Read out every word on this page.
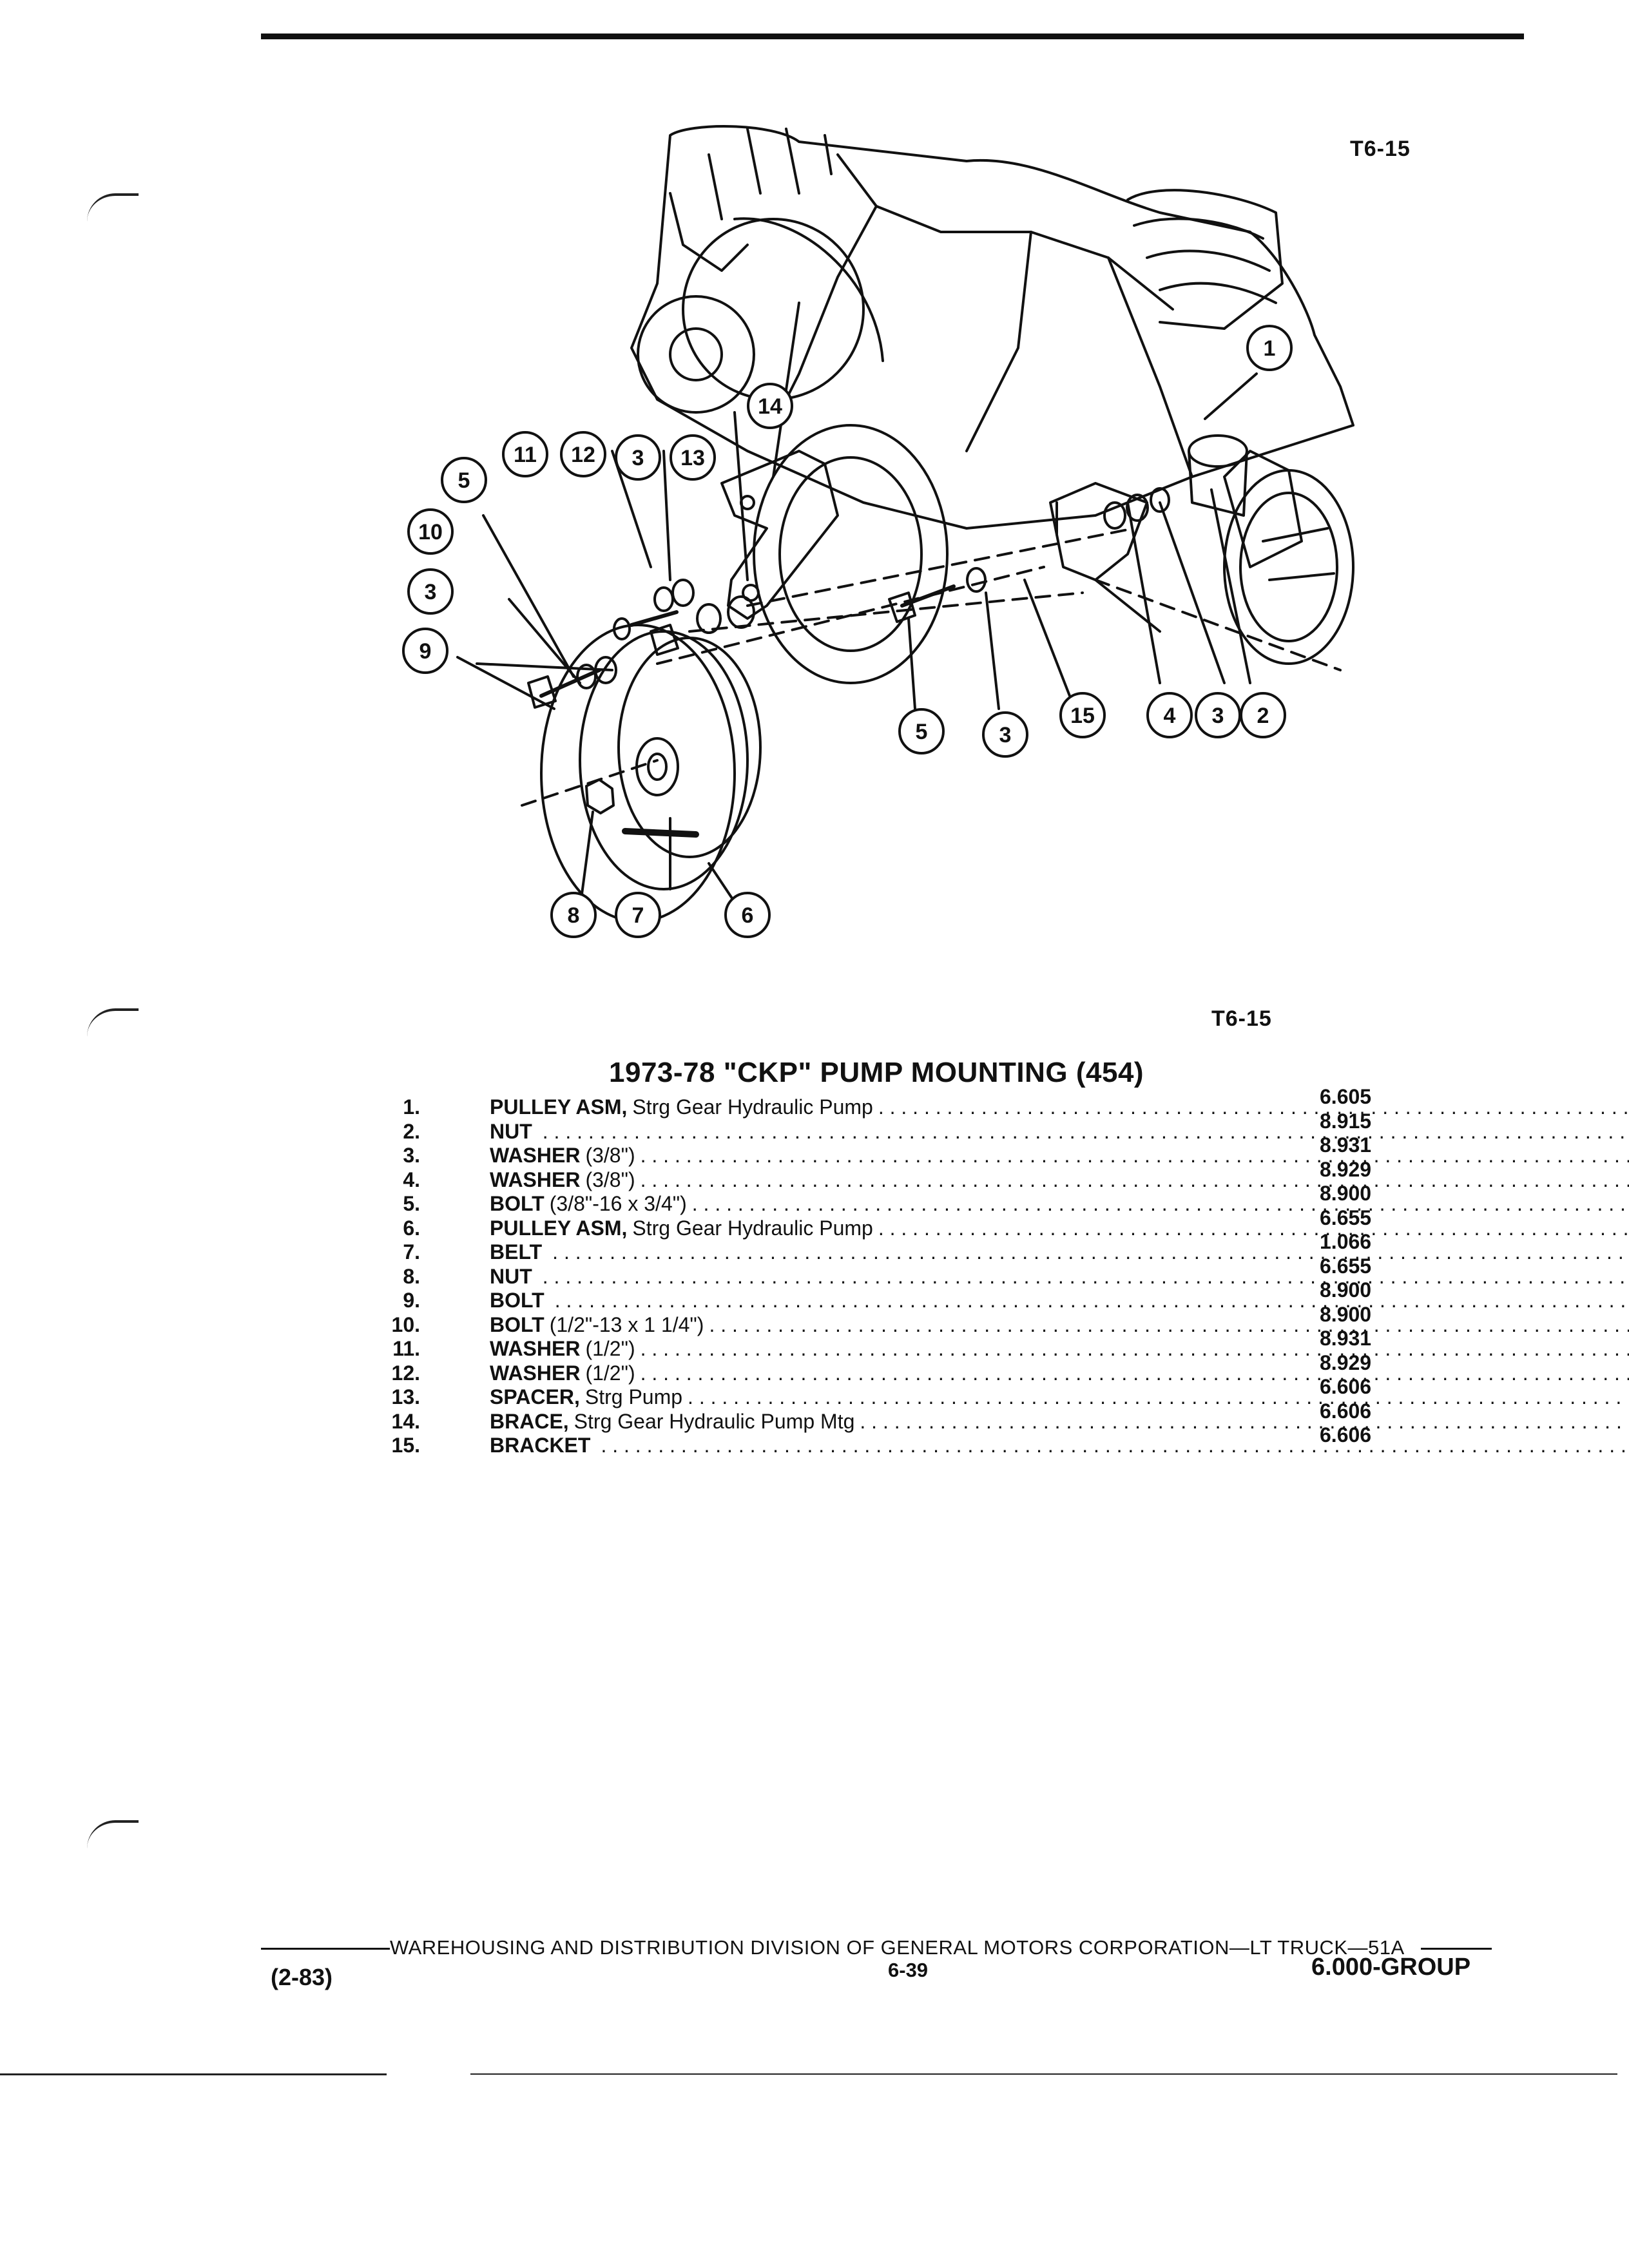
T6-15
1
2
3
4
15
3
5
14
13
3
12
11
5
10
3
9
8 7	6
T6-15
1973-78 "CKP" PUMP MOUNTING (454)
1.	PULLEY ASM, Strg Gear Hydraulic Pump . . .	6.605
2.	NUT . . .	8.915
3.	WASHER (3/8") . . .	8.931
4.	WASHER (3/8") . . .	8.929
5.	BOLT (3/8"-16 x 3/4") . . .	8.900
6.	PULLEY ASM, Strg Gear Hydraulic Pump . . .	6.655
7.	BELT . . .	1.066
8.	NUT . . .	6.655
9.	BOLT . . .	8.900
10.	BOLT (1/2"-13 x 1 1/4") . . .	8.900
11.	WASHER (1/2") . . .	8.931
12.	WASHER (1/2") . . .	8.929
13.	SPACER, Strg Pump . . .	6.606
14.	BRACE, Strg Gear Hydraulic Pump Mtg . . .	6.606
15.	BRACKET . . .	6.606
WAREHOUSING AND DISTRIBUTION DIVISION OF GENERAL MOTORS CORPORATION—LT TRUCK—51A
(2-83)	6-39	6.000-GROUP
